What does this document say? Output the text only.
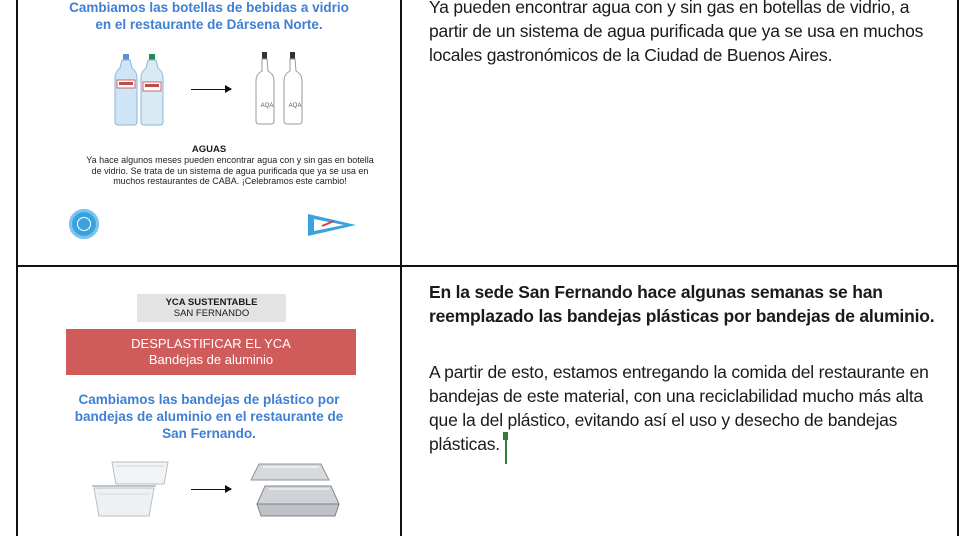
Cambiamos las botellas de bebidas a vidrio
en el restaurante de Dársena Norte.
AQA	AQA
AGUAS
Ya hace algunos meses pueden encontrar agua con y sin gas en botella de vidrio. Se trata de un sistema de agua purificada que ya se usa en muchos restaurantes de CABA. ¡Celebramos este cambio!
Ya pueden encontrar agua con y sin gas en botellas de vidrio, a
partir de un sistema de agua purificada que ya se usa en muchos
locales gastronómicos de la Ciudad de Buenos Aires.
YCA SUSTENTABLE
SAN FERNANDO
DESPLASTIFICAR EL YCA
Bandejas de aluminio
Cambiamos las bandejas de plástico por
bandejas de aluminio en el restaurante de
San Fernando.
En la sede San Fernando hace algunas semanas se han
reemplazado las bandejas plásticas por bandejas de aluminio.
A partir de esto, estamos entregando la comida del restaurante en
bandejas de este material, con una reciclabilidad mucho más alta
que la del plástico, evitando así el uso y desecho de bandejas
plásticas.
